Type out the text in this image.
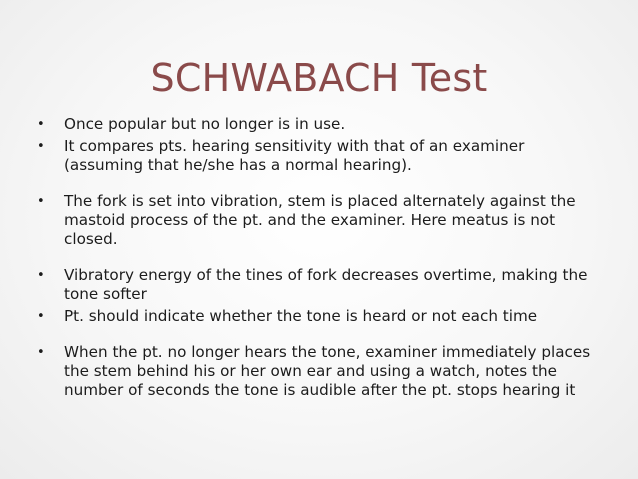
SCHWABACH Test
• Once popular but no longer is in use.
• It compares pts. hearing sensitivity with that of an examiner (assuming that he/she has a normal hearing).
• The fork is set into vibration, stem is placed alternately against the mastoid process of the pt. and the examiner. Here meatus is not closed.
• Vibratory energy of the tines of fork decreases overtime, making the tone softer
• Pt. should indicate whether the tone is heard or not each time
• When the pt. no longer hears the tone, examiner immediately places the stem behind his or her own ear and using a watch, notes the number of seconds the tone is audible after the pt. stops hearing it
